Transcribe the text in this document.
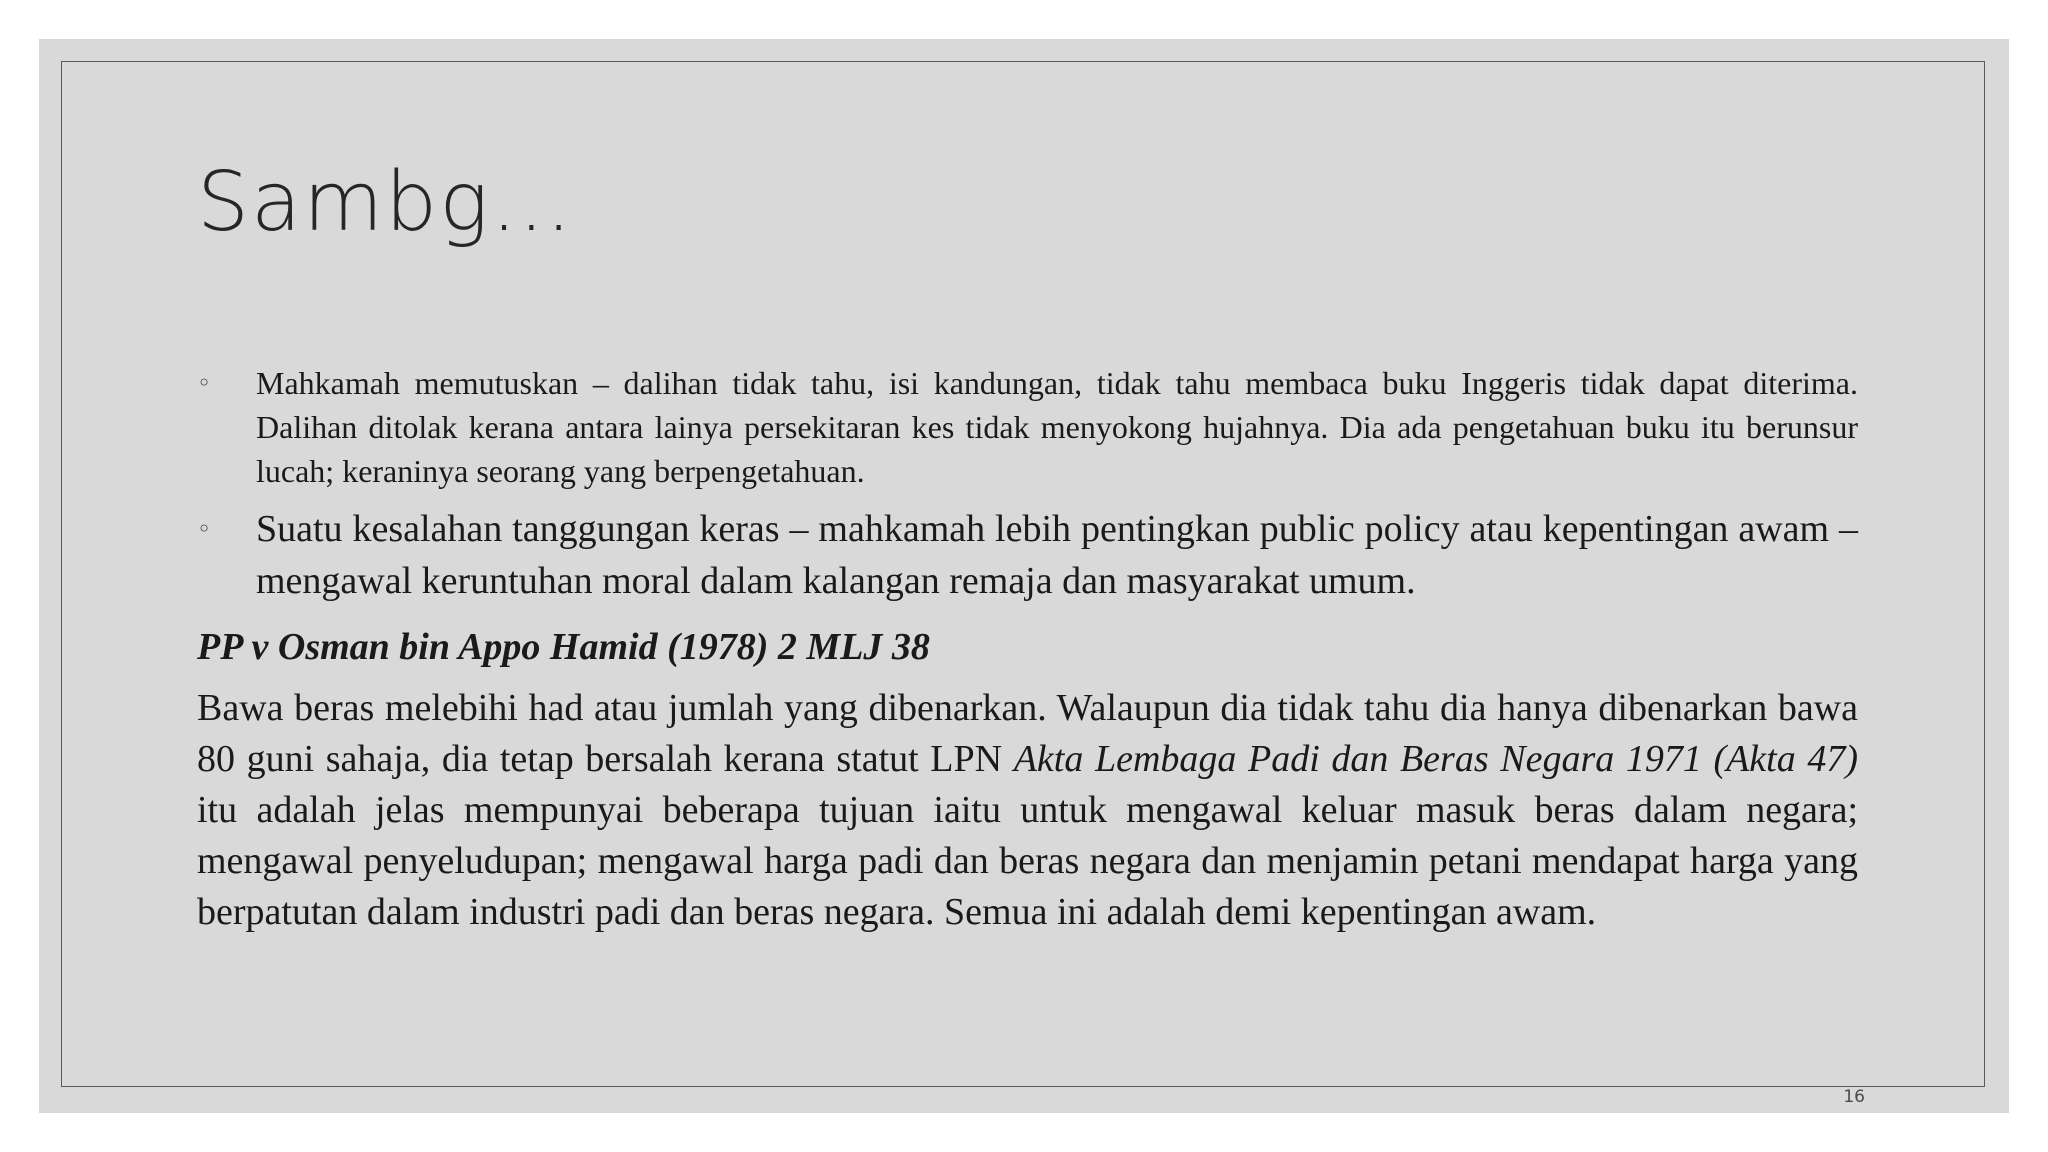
Sambg…
◦ Mahkamah memutuskan – dalihan tidak tahu, isi kandungan, tidak tahu membaca buku Inggeris tidak dapat diterima. Dalihan ditolak kerana antara lainya persekitaran kes tidak menyokong hujahnya. Dia ada pengetahuan buku itu berunsur lucah; keraninya seorang yang berpengetahuan.
◦ Suatu kesalahan tanggungan keras – mahkamah lebih pentingkan public policy atau kepentingan awam – mengawal keruntuhan moral dalam kalangan remaja dan masyarakat umum.
PP v Osman bin Appo Hamid (1978) 2 MLJ 38
Bawa beras melebihi had atau jumlah yang dibenarkan. Walaupun dia tidak tahu dia hanya dibenarkan bawa 80 guni sahaja, dia tetap bersalah kerana statut LPN Akta Lembaga Padi dan Beras Negara 1971 (Akta 47) itu adalah jelas mempunyai beberapa tujuan iaitu untuk mengawal keluar masuk beras dalam negara; mengawal penyeludupan; mengawal harga padi dan beras negara dan menjamin petani mendapat harga yang berpatutan dalam industri padi dan beras negara. Semua ini adalah demi kepentingan awam.
16
